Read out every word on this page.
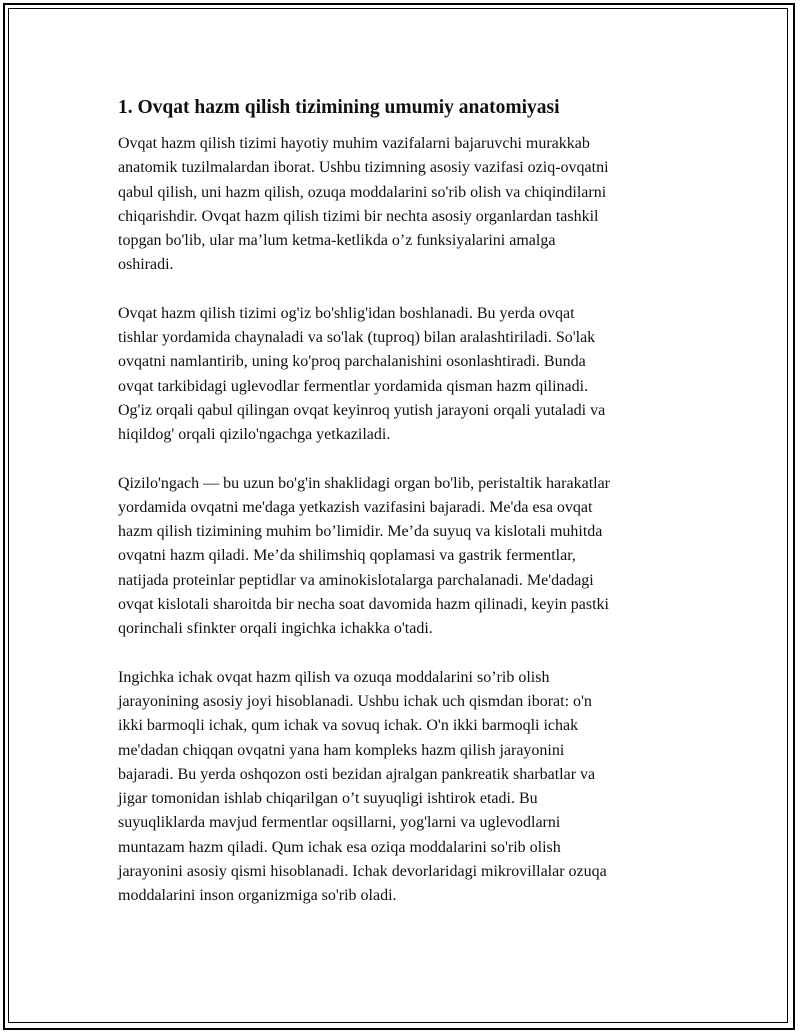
1. Ovqat hazm qilish tizimining umumiy anatomiyasi

Ovqat hazm qilish tizimi hayotiy muhim vazifalarni bajaruvchi murakkab
anatomik tuzilmalardan iborat. Ushbu tizimning asosiy vazifasi oziq-ovqatni
qabul qilish, uni hazm qilish, ozuqa moddalarini so'rib olish va chiqindilarni
chiqarishdir. Ovqat hazm qilish tizimi bir nechta asosiy organlardan tashkil
topgan bo'lib, ular ma’lum ketma-ketlikda o’z funksiyalarini amalga
oshiradi.

Ovqat hazm qilish tizimi og'iz bo'shlig'idan boshlanadi. Bu yerda ovqat
tishlar yordamida chaynaladi va so'lak (tuproq) bilan aralashtiriladi. So'lak
ovqatni namlantirib, uning ko'proq parchalanishini osonlashtiradi. Bunda
ovqat tarkibidagi uglevodlar fermentlar yordamida qisman hazm qilinadi.
Og'iz orqali qabul qilingan ovqat keyinroq yutish jarayoni orqali yutaladi va
hiqildog' orqali qizilo'ngachga yetkaziladi.

Qizilo'ngach — bu uzun bo'g'in shaklidagi organ bo'lib, peristaltik harakatlar
yordamida ovqatni me'daga yetkazish vazifasini bajaradi. Me'da esa ovqat
hazm qilish tizimining muhim bo’limidir. Me’da suyuq va kislotali muhitda
ovqatni hazm qiladi. Me’da shilimshiq qoplamasi va gastrik fermentlar,
natijada proteinlar peptidlar va aminokislotalarga parchalanadi. Me'dadagi
ovqat kislotali sharoitda bir necha soat davomida hazm qilinadi, keyin pastki
qorinchali sfinkter orqali ingichka ichakka o'tadi.

Ingichka ichak ovqat hazm qilish va ozuqa moddalarini so’rib olish
jarayonining asosiy joyi hisoblanadi. Ushbu ichak uch qismdan iborat: o'n
ikki barmoqli ichak, qum ichak va sovuq ichak. O'n ikki barmoqli ichak
me'dadan chiqqan ovqatni yana ham kompleks hazm qilish jarayonini
bajaradi. Bu yerda oshqozon osti bezidan ajralgan pankreatik sharbatlar va
jigar tomonidan ishlab chiqarilgan o’t suyuqligi ishtirok etadi. Bu
suyuqliklarda mavjud fermentlar oqsillarni, yog'larni va uglevodlarni
muntazam hazm qiladi. Qum ichak esa oziqa moddalarini so'rib olish
jarayonini asosiy qismi hisoblanadi. Ichak devorlaridagi mikrovillalar ozuqa
moddalarini inson organizmiga so'rib oladi.
